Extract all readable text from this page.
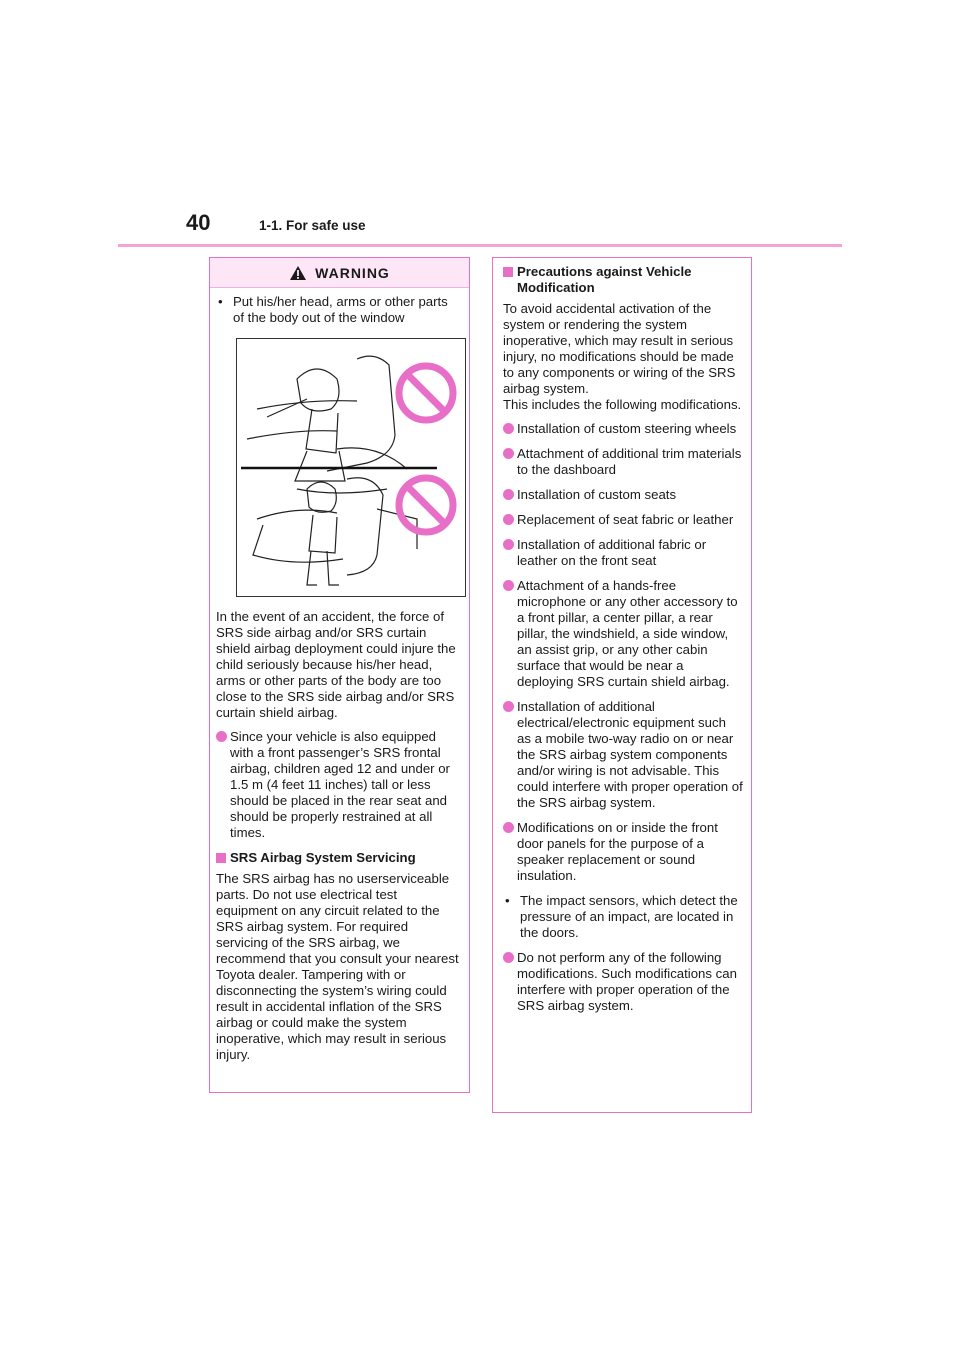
40	1-1. For safe use
WARNING
• Put his/her head, arms or other parts of the body out of the window

In the event of an accident, the force of SRS side airbag and/or SRS curtain shield airbag deployment could injure the child seriously because his/her head, arms or other parts of the body are too close to the SRS side airbag and/or SRS curtain shield airbag.

Since your vehicle is also equipped with a front passenger’s SRS frontal airbag, children aged 12 and under or 1.5 m (4 feet 11 inches) tall or less should be placed in the rear seat and should be properly restrained at all times.
SRS Airbag System Servicing

The SRS airbag has no userserviceable parts. Do not use electrical test equipment on any circuit related to the SRS airbag system. For required servicing of the SRS airbag, we recommend that you consult your nearest Toyota dealer. Tampering with or disconnecting the system’s wiring could result in accidental inflation of the SRS airbag or could make the system inoperative, which may result in serious injury.

Precautions against Vehicle Modification

To avoid accidental activation of the system or rendering the system inoperative, which may result in serious injury, no modifications should be made to any components or wiring of the SRS airbag system.

This includes the following modifications.

Installation of custom steering wheels
Attachment of additional trim materials to the dashboard
Installation of custom seats
Replacement of seat fabric or leather
Installation of additional fabric or leather on the front seat
Attachment of a hands-free microphone or any other accessory to a front pillar, a center pillar, a rear pillar, the windshield, a side window, an assist grip, or any other cabin surface that would be near a deploying SRS curtain shield airbag.
Installation of additional electrical/electronic equipment such as a mobile two-way radio on or near the SRS airbag system components and/or wiring is not advisable. This could interfere with proper operation of the SRS airbag system.
Modifications on or inside the front door panels for the purpose of a speaker replacement or sound insulation.
• The impact sensors, which detect the pressure of an impact, are located in the doors.
Do not perform any of the following modifications. Such modifications can interfere with proper operation of the SRS airbag system.
